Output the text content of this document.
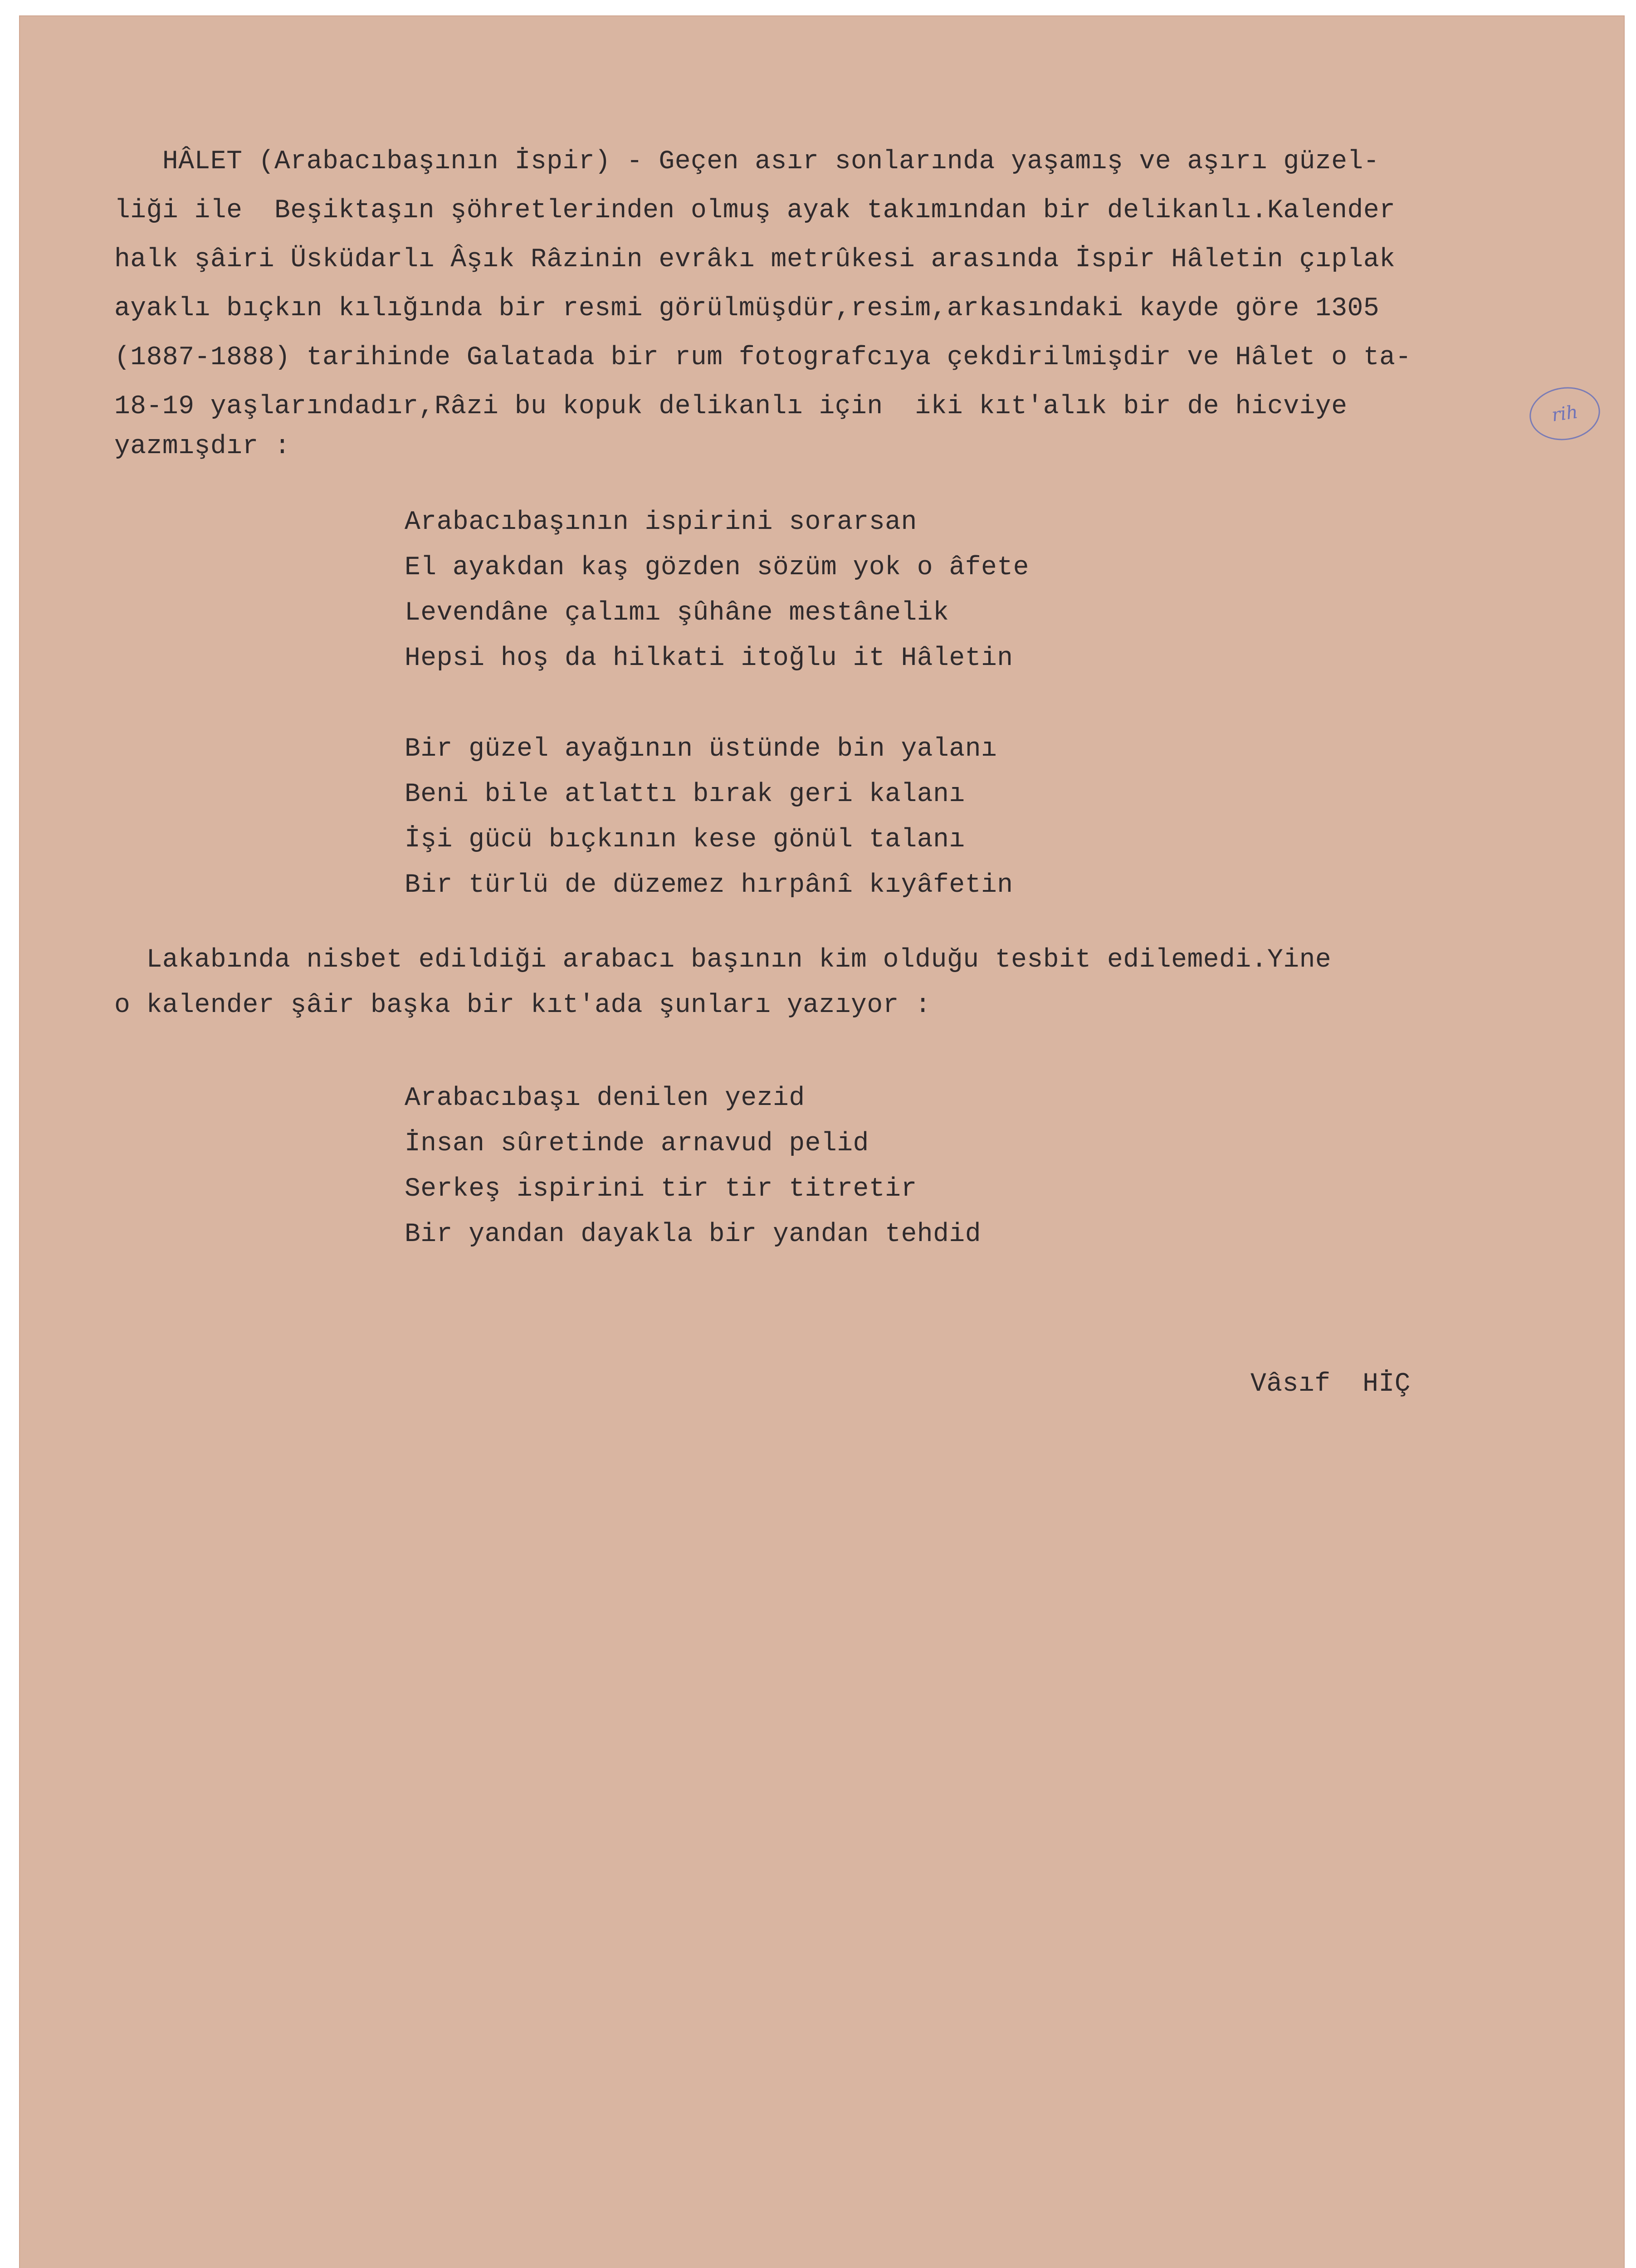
HÂLET (Arabacıbaşının İspir) - Geçen asır sonlarında yaşamış ve aşırı güzel-

liği ile  Beşiktaşın şöhretlerinden olmuş ayak takımından bir delikanlı.Kalender

halk şâiri Üsküdarlı Âşık Râzinin evrâkı metrûkesi arasında İspir Hâletin çıplak

ayaklı bıçkın kılığında bir resmi görülmüşdür,resim,arkasındaki kayde göre 1305

(1887-1888) tarihinde Galatada bir rum fotografcıya çekdirilmişdir ve Hâlet o ta-

18-19 yaşlarındadır,Râzi bu kopuk delikanlı için  iki kıt'alık bir de hicviye

yazmışdır :

rih

Arabacıbaşının ispirini sorarsan

El ayakdan kaş gözden sözüm yok o âfete

Levendâne çalımı şûhâne mestânelik

Hepsi hoş da hilkati itoğlu it Hâletin

Bir güzel ayağının üstünde bin yalanı

Beni bile atlattı bırak geri kalanı

İşi gücü bıçkının kese gönül talanı

Bir türlü de düzemez hırpânî kıyâfetin

Lakabında nisbet edildiği arabacı başının kim olduğu tesbit edilemedi.Yine

o kalender şâir başka bir kıt'ada şunları yazıyor :

Arabacıbaşı denilen yezid

İnsan sûretinde arnavud pelid

Serkeş ispirini tir tir titretir

Bir yandan dayakla bir yandan tehdid

Vâsıf  HİÇ
